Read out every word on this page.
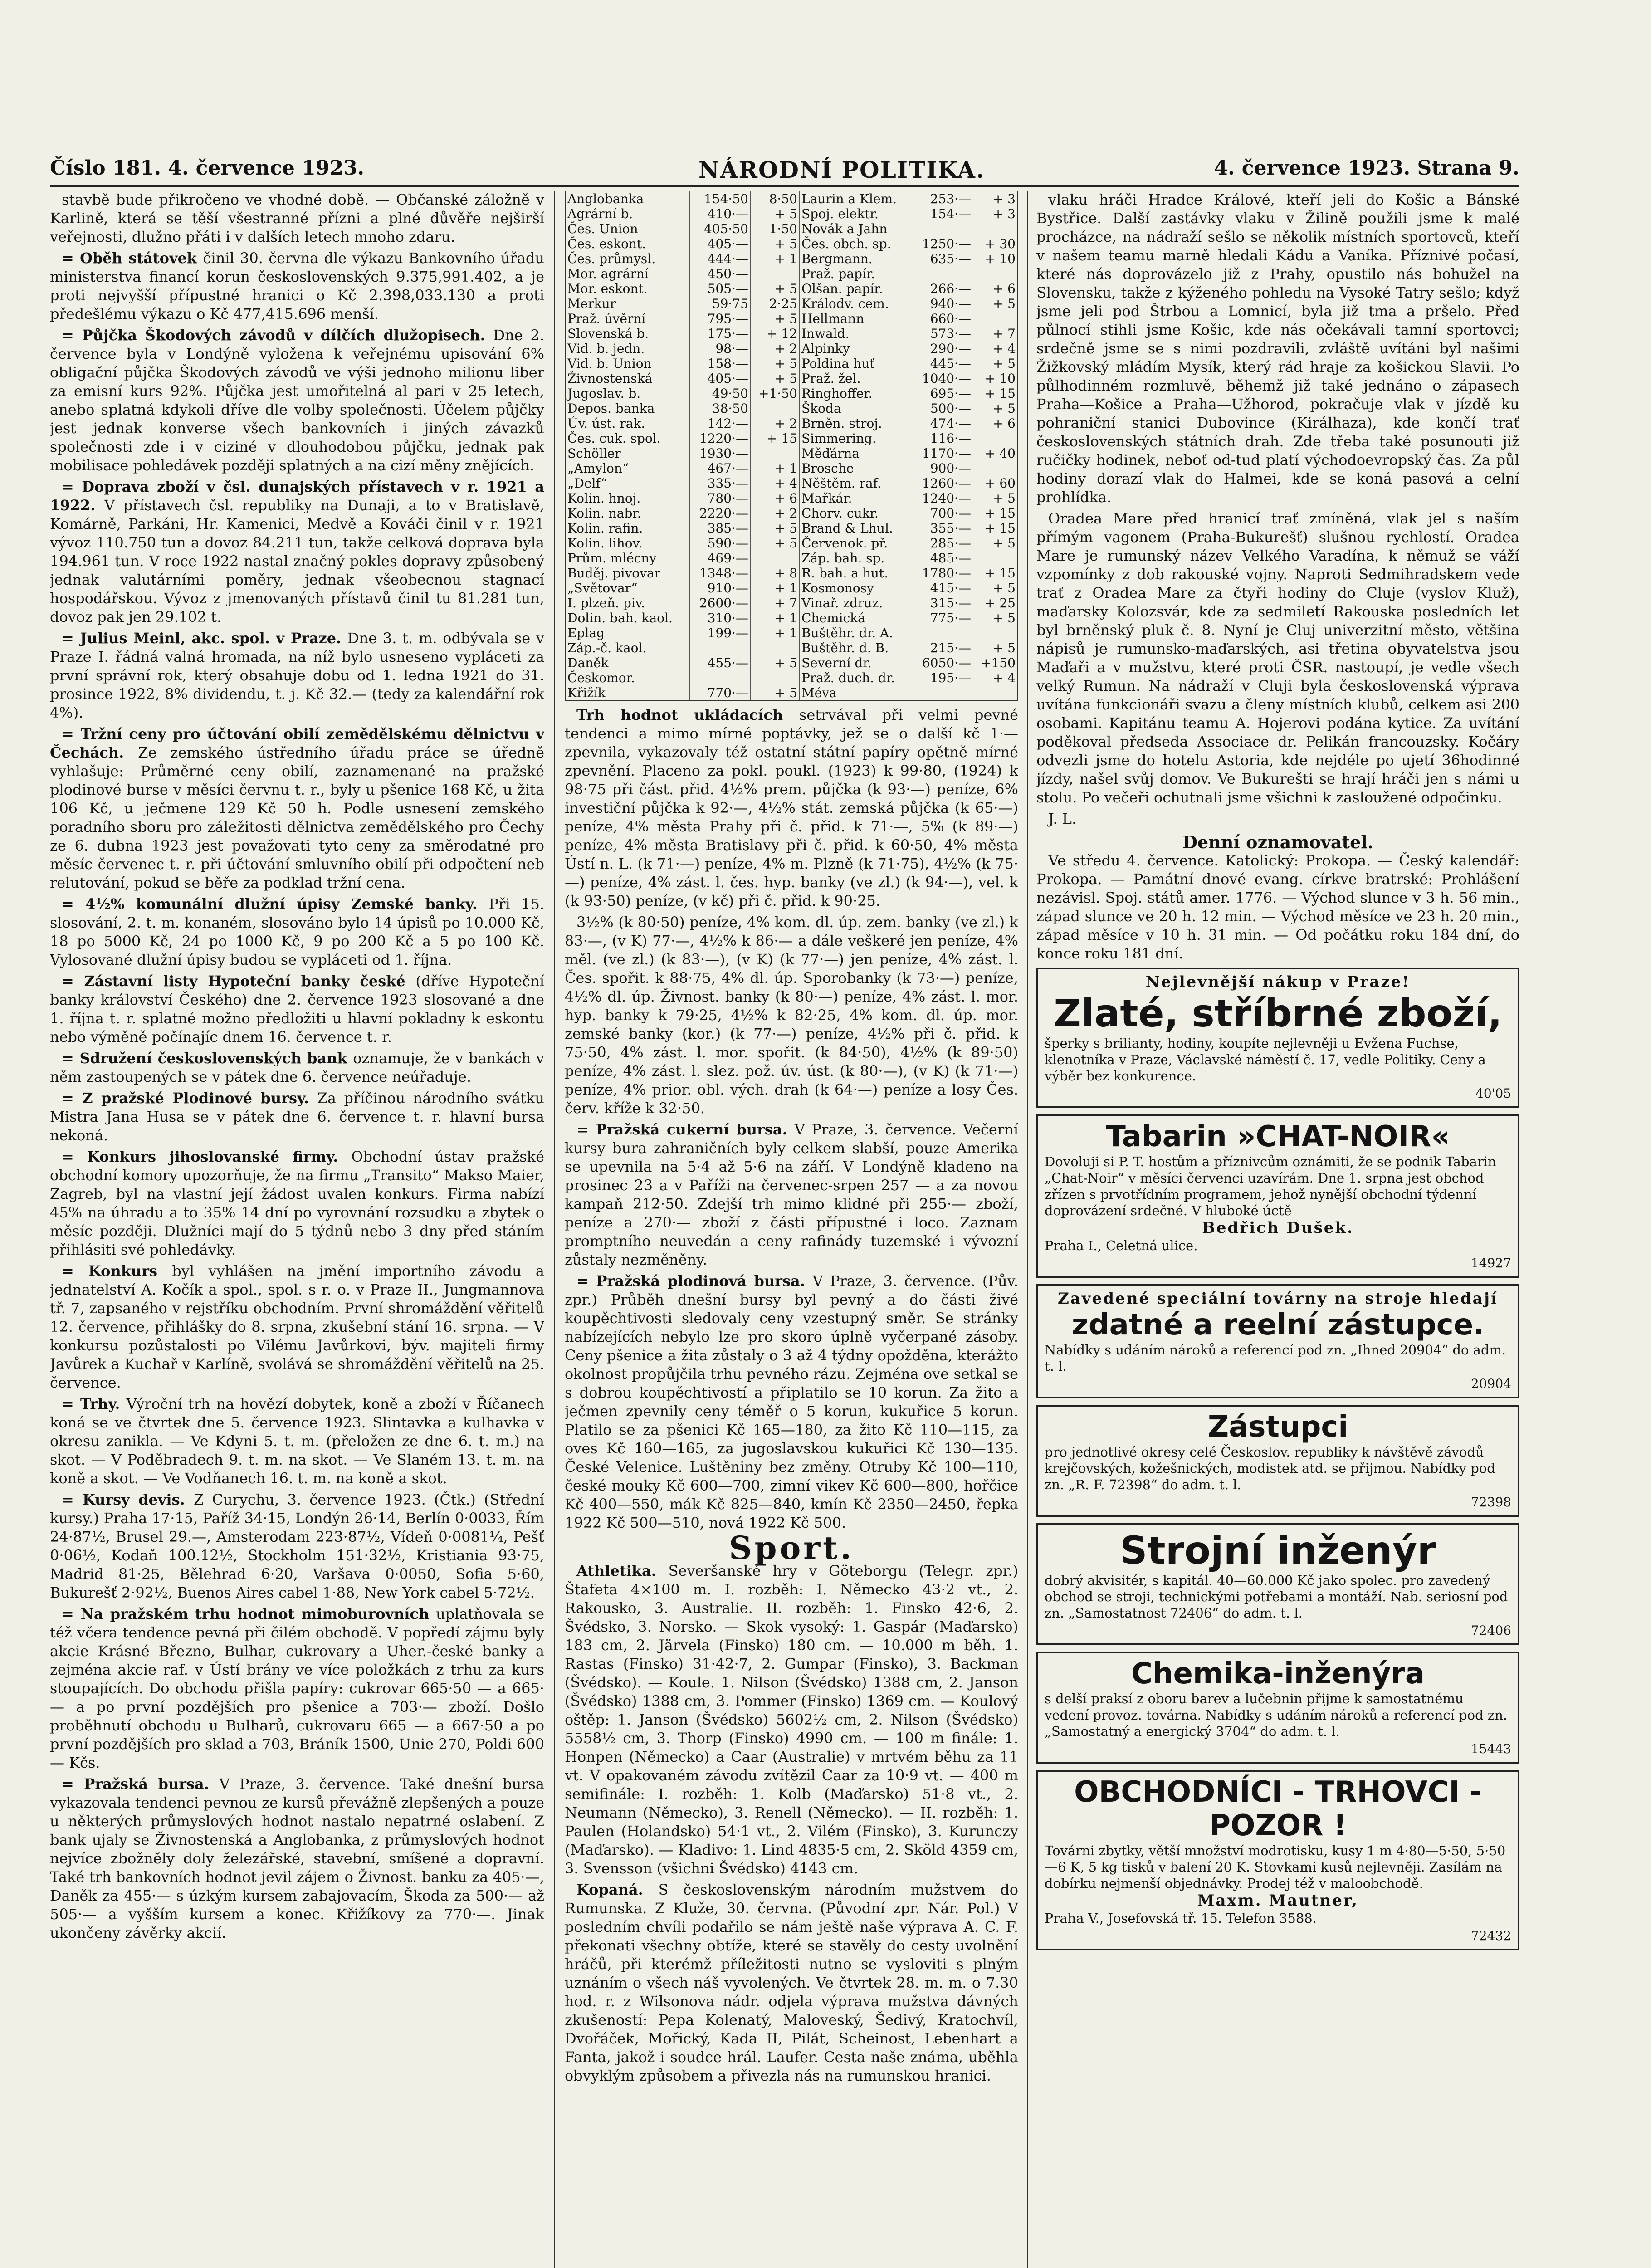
Číslo 181. 4. července 1923.	NÁRODNÍ POLITIKA.	4. července 1923. Strana 9.

stavbě bude přikročeno ve vhodné době. — Občanské záložně v Karlině, která se těší všestranné přízni a plné důvěře nejširší veřejnosti, dlužno přáti i v dalších letech mnoho zdaru.

= Oběh státovek činil 30. června dle výkazu Bankovního úřadu ministerstva financí korun československých 9.375,991.402, a je proti nejvyšší přípustné hranici o Kč 2.398,033.130 a proti předešlému výkazu o Kč 477,415.696 menší.

= Půjčka Škodových závodů v dílčích dlužopisech. Dne 2. července byla v Londýně vyložena k veřejnému upisování 6% obligační půjčka Škodových závodů ve výši jednoho milionu liber za emisní kurs 92%. Půjčka jest umořitelná al pari v 25 letech, anebo splatná kdykoli dříve dle volby společnosti. Účelem půjčky jest jednak konverse všech bankovních i jiných závazků společnosti zde i v ciziné v dlouhodobou půjčku, jednak pak mobilisace pohledávek později splatných a na cizí měny znějících.

= Doprava zboží v čsl. dunajských přístavech v r. 1921 a 1922. V přístavech čsl. republiky na Dunaji, a to v Bratislavě, Komárně, Parkáni, Hr. Kamenici, Medvě a Kováči činil v r. 1921 vývoz 110.750 tun a dovoz 84.211 tun, takže celková doprava byla 194.961 tun. V roce 1922 nastal značný pokles dopravy způsobený jednak valutárními poměry, jednak všeobecnou stagnací hospodářskou. Vývoz z jmenovaných přístavů činil tu 81.281 tun, dovoz pak jen 29.102 t.

= Julius Meinl, akc. spol. v Praze. Dne 3. t. m. odbývala se v Praze I. řádná valná hromada, na níž bylo usneseno vypláceti za první správní rok, který obsahuje dobu od 1. ledna 1921 do 31. prosince 1922, 8% dividendu, t. j. Kč 32.— (tedy za kalendářní rok 4%).

= Tržní ceny pro účtování obilí zemědělskému dělnictvu v Čechách. Ze zemského ústředního úřadu práce se úředně vyhlašuje: Průměrné ceny obilí, zaznamenané na pražské plodinové burse v měsíci červnu t. r., byly u pšenice 168 Kč, u žita 106 Kč, u ječmene 129 Kč 50 h. Podle usnesení zemského poradního sboru pro záležitosti dělnictva zemědělského pro Čechy ze 6. dubna 1923 jest považovati tyto ceny za směrodatné pro měsíc červenec t. r. při účtování smluvního obilí při odpočtení neb relutování, pokud se běře za podklad tržní cena.

= 4½% komunální dlužní úpisy Zemské banky. Při 15. slosování, 2. t. m. konaném, slosováno bylo 14 úpisů po 10.000 Kč, 18 po 5000 Kč, 24 po 1000 Kč, 9 po 200 Kč a 5 po 100 Kč. Vylosované dlužní úpisy budou se vypláceti od 1. října.

= Zástavní listy Hypoteční banky české (dříve Hypoteční banky království Českého) dne 2. července 1923 slosované a dne 1. října t. r. splatné možno předložiti u hlavní pokladny k eskontu nebo výměně počínajíc dnem 16. července t. r.

= Sdružení československých bank oznamuje, že v bankách v něm zastoupených se v pátek dne 6. července neúřaduje.

= Z pražské Plodinové bursy. Za příčinou národního svátku Mistra Jana Husa se v pátek dne 6. července t. r. hlavní bursa nekoná.

= Konkurs jihoslovanské firmy. Obchodní ústav pražské obchodní komory upozorňuje, že na firmu „Transito“ Makso Maier, Zagreb, byl na vlastní její žádost uvalen konkurs. Firma nabízí 45% na úhradu a to 35% 14 dní po vyrovnání rozsudku a zbytek o měsíc později. Dlužníci mají do 5 týdnů nebo 3 dny před stáním přihlásiti své pohledávky.

= Konkurs byl vyhlášen na jmění importního závodu a jednatelství A. Kočík a spol., spol. s r. o. v Praze II., Jungmannova tř. 7, zapsaného v rejstříku obchodním. První shromáždění věřitelů 12. července, přihlášky do 8. srpna, zkušební stání 16. srpna. — V konkursu pozůstalosti po Vilému Javůrkovi, býv. majiteli firmy Javůrek a Kuchař v Karlíně, svolává se shromáždění věřitelů na 25. července.

= Trhy. Výroční trh na hovězí dobytek, koně a zboží v Říčanech koná se ve čtvrtek dne 5. července 1923. Slintavka a kulhavka v okresu zanikla. — Ve Kdyni 5. t. m. (přeložen ze dne 6. t. m.) na skot. — V Poděbradech 9. t. m. na skot. — Ve Slaném 13. t. m. na koně a skot. — Ve Vodňanech 16. t. m. na koně a skot.

= Kursy devis. Z Curychu, 3. července 1923. (Čtk.) (Střední kursy.) Praha 17·15, Paříž 34·15, Londýn 26·14, Berlín 0·0033, Řím 24·87½, Brusel 29.—, Amsterodam 223·87½, Vídeň 0·0081¼, Pešť 0·06½, Kodaň 100.12½, Stockholm 151·32½, Kristiania 93·75, Madrid 81·25, Bělehrad 6·20, Varšava 0·0050, Sofia 5·60, Bukurešť 2·92½, Buenos Aires cabel 1·88, New York cabel 5·72½.

= Na pražském trhu hodnot mimoburovních uplatňovala se též včera tendence pevná při čilém obchodě. V popředí zájmu byly akcie Krásné Březno, Bulhar, cukrovary a Uher.-české banky a zejména akcie raf. v Ústí brány ve více položkách z trhu za kurs stoupajících. Do obchodu přišla papíry: cukrovar 665·50 — a 665·— a po první pozdějších pro pšenice a 703·— zboží. Došlo proběhnutí obchodu u Bulharů, cukrovaru 665 — a 667·50 a po první pozdějších pro sklad a 703, Bráník 1500, Unie 270, Poldi 600 — Kčs.

= Pražská bursa. V Praze, 3. července. Také dnešní bursa vykazovala tendenci pevnou ze kursů převážně zlepšených a pouze u některých průmyslových hodnot nastalo nepatrné oslabení. Z bank ujaly se Živnostenská a Anglobanka, z průmyslových hodnot nejvíce zbožněly doly železářské, stavební, smíšené a dopravní. Také trh bankovních hodnot jevil zájem o Živnost. banku za 405·—, Daněk za 455·— s úzkým kursem zabajovacím, Škoda za 500·— až 505·— a vyšším kursem a konec. Křižíkovy za 770·—. Jinak ukončeny závěrky akcií.

Anglobanka	154·50	8·50	Laurin a Klem.	253·—	+ 3
Agrární b.	410·—	+ 5	Spoj. elektr.	154·—	+ 3
Čes. Union	405·50	1·50	Novák a Jahn		
Čes. eskont.	405·—	+ 5	Čes. obch. sp.	1250·—	+ 30
Čes. průmysl.	444·—	+ 1	Bergmann.	635·—	+ 10
Mor. agrární	450·—		Praž. papír.		
Mor. eskont.	505·—	+ 5	Olšan. papír.	266·—	+ 6
Merkur	59·75	2·25	Králodv. cem.	940·—	+ 5
Praž. úvěrní	795·—	+ 5	Hellmann	660·—	
Slovenská b.	175·—	+ 12	Inwald.	573·—	+ 7
Vid. b. jedn.	98·—	+ 2	Alpinky	290·—	+ 4
Vid. b. Union	158·—	+ 5	Poldina huť	445·—	+ 5
Živnostenská	405·—	+ 5	Praž. žel.	1040·—	+ 10
Jugoslav. b.	49·50	+1·50	Ringhoffer.	695·—	+ 15
Depos. banka	38·50		Škoda	500·—	+ 5
Úv. úst. rak.	142·—	+ 2	Brněn. stroj.	474·—	+ 6
Čes. cuk. spol.	1220·—	+ 15	Simmering.	116·—	
Schöller	1930·—		Měďárna	1170·—	+ 40
„Amylon“	467·—	+ 1	Brosche	900·—	
„Delf“	335·—	+ 4	Něštěm. raf.	1260·—	+ 60
Kolin. hnoj.	780·—	+ 6	Mařkár.	1240·—	+ 5
Kolin. nabr.	2220·—	+ 2	Chorv. cukr.	700·—	+ 15
Kolin. rafin.	385·—	+ 5	Brand & Lhul.	355·—	+ 15
Kolin. lihov.	590·—	+ 5	Červenok. př.	285·—	+ 5
Prům. mlécny	469·—		Záp. bah. sp.	485·—	
Buděj. pivovar	1348·—	+ 8	R. bah. a hut.	1780·—	+ 15
„Světovar“	910·—	+ 1	Kosmonosy	415·—	+ 5
I. plzeň. piv.	2600·—	+ 7	Vinař. zdruz.	315·—	+ 25
Dolin. bah. kaol.	310·—	+ 1	Chemická	775·—	+ 5
Eplag	199·—	+ 1	Buštěhr. dr. A.		
Záp.-č. kaol.			Buštěhr. d. B.	215·—	+ 5
Daněk	455·—	+ 5	Severní dr.	6050·—	+150
Českomor.			Praž. duch. dr.	195·—	+ 4
Křižík	770·—	+ 5	Méva		

Trh hodnot ukládacích setrvával při velmi pevné tendenci a mimo mírné poptávky, jež se o další kč 1·— zpevnila, vykazovaly též ostatní státní papíry opětně mírné zpevnění. Placeno za pokl. poukl. (1923) k 99·80, (1924) k 98·75 při část. přid. 4½% prem. půjčka (k 93·—) peníze, 6% investiční půjčka k 92·—, 4½% stát. zemská půjčka (k 65·—) peníze, 4% města Prahy při č. přid. k 71·—, 5% (k 89·—) peníze, 4% města Bratislavy při č. přid. k 60·50, 4% města Ústí n. L. (k 71·—) peníze, 4% m. Plzně (k 71·75), 4½% (k 75·—) peníze, 4% zást. l. čes. hyp. banky (ve zl.) (k 94·—), vel. k (k 93·50) peníze, (v kč) při č. přid. k 90·25.

3½% (k 80·50) peníze, 4% kom. dl. úp. zem. banky (ve zl.) k 83·—, (v K) 77·—, 4½% k 86·— a dále veškeré jen peníze, 4% měl. (ve zl.) (k 83·—), (v K) (k 77·—) jen peníze, 4% zást. l. Čes. spořit. k 88·75, 4% dl. úp. Sporobanky (k 73·—) peníze, 4½% dl. úp. Živnost. banky (k 80·—) peníze, 4% zást. l. mor. hyp. banky k 79·25, 4½% k 82·25, 4% kom. dl. úp. mor. zemské banky (kor.) (k 77·—) peníze, 4½% při č. přid. k 75·50, 4% zást. l. mor. spořit. (k 84·50), 4½% (k 89·50) peníze, 4% zást. l. slez. pož. úv. úst. (k 80·—), (v K) (k 71·—) peníze, 4% prior. obl. vých. drah (k 64·—) peníze a losy Čes. červ. kříže k 32·50.

= Pražská cukerní bursa. V Praze, 3. července. Večerní kursy bura zahraničních byly celkem slabší, pouze Amerika se upevnila na 5·4 až 5·6 na září. V Londýně kladeno na prosinec 23 a v Paříži na červenec-srpen 257 — a za novou kampaň 212·50. Zdejší trh mimo klidné při 255·— zboží, peníze a 270·— zboží z části přípustné i loco. Zaznam promptního neuvedán a ceny rafinády tuzemské i vývozní zůstaly nezměněny.

= Pražská plodinová bursa. V Praze, 3. července. (Pův. zpr.) Průběh dnešní bursy byl pevný a do části živé koupěchtivosti sledovaly ceny vzestupný směr. Se stránky nabízejících nebylo lze pro skoro úplně vyčerpané zásoby. Ceny pšenice a žita zůstaly o 3 až 4 týdny opožděna, kterážto okolnost propůjčila trhu pevného rázu. Zejména ove setkal se s dobrou koupěchtivostí a připlatilo se 10 korun. Za žito a ječmen zpevnily ceny téměř o 5 korun, kukuřice 5 korun. Platilo se za pšenici Kč 165—180, za žito Kč 110—115, za oves Kč 160—165, za jugoslavskou kukuřici Kč 130—135. České Velenice. Luštěniny bez změny. Otruby Kč 100—110, české mouky Kč 600—700, zimní vikev Kč 600—800, hořčice Kč 400—550, mák Kč 825—840, kmín Kč 2350—2450, řepka 1922 Kč 500—510, nová 1922 Kč 500.

Sport.

Athletika. Severšanské hry v Göteborgu (Telegr. zpr.) Štafeta 4×100 m. I. rozběh: I. Německo 43·2 vt., 2. Rakousko, 3. Australie. II. rozběh: 1. Finsko 42·6, 2. Švédsko, 3. Norsko. — Skok vysoký: 1. Gaspár (Maďarsko) 183 cm, 2. Järvela (Finsko) 180 cm. — 10.000 m běh. 1. Rastas (Finsko) 31·42·7, 2. Gumpar (Finsko), 3. Backman (Švédsko). — Koule. 1. Nilson (Švédsko) 1388 cm, 2. Janson (Švédsko) 1388 cm, 3. Pommer (Finsko) 1369 cm. — Koulový oštěp: 1. Janson (Švédsko) 5602½ cm, 2. Nilson (Švédsko) 5558½ cm, 3. Thorp (Finsko) 4990 cm. — 100 m finále: 1. Honpen (Německo) a Caar (Australie) v mrtvém běhu za 11 vt. V opakovaném závodu zvítězil Caar za 10·9 vt. — 400 m semifinále: I. rozběh: 1. Kolb (Maďarsko) 51·8 vt., 2. Neumann (Německo), 3. Renell (Německo). — II. rozběh: 1. Paulen (Holandsko) 54·1 vt., 2. Vilém (Finsko), 3. Kurunczy (Maďarsko). — Kladivo: 1. Lind 4835·5 cm, 2. Sköld 4359 cm, 3. Svensson (všichni Švédsko) 4143 cm.

Kopaná. S československým národním mužstvem do Rumunska. Z Kluže, 30. června. (Původní zpr. Nár. Pol.) V posledním chvíli podařilo se nám ještě naše výprava A. C. F. překonati všechny obtíže, které se stavěly do cesty uvolnění hráčů, při kterémž příležitosti nutno se vysloviti s plným uznáním o všech náš vyvolených. Ve čtvrtek 28. m. m. o 7.30 hod. r. z Wilsonova nádr. odjela výprava mužstva dávných zkušeností: Pepa Kolenatý, Maloveský, Šedivý, Kratochvíl, Dvořáček, Mořický, Kada II, Pilát, Scheinost, Lebenhart a Fanta, jakož i soudce hrál. Laufer. Cesta naše známa, uběhla obvyklým způsobem a přivezla nás na rumunskou hranici.

vlaku hráči Hradce Králové, kteří jeli do Košic a Bánské Bystřice. Další zastávky vlaku v Žilině použili jsme k malé procházce, na nádraží sešlo se několik místních sportovců, kteří v našem teamu marně hledali Kádu a Vaníka. Příznivé počasí, které nás doprovázelo již z Prahy, opustilo nás bohužel na Slovensku, takže z kýženého pohledu na Vysoké Tatry sešlo; když jsme jeli pod Štrbou a Lomnicí, byla již tma a pršelo. Před půlnocí stihli jsme Košic, kde nás očekávali tamní sportovci; srdečně jsme se s nimi pozdravili, zvláště uvítáni byl našimi Žižkovský mládím Mysík, který rád hraje za košickou Slavii. Po půlhodinném rozmluvě, běhemž již také jednáno o zápasech Praha—Košice a Praha—Užhorod, pokračuje vlak v jízdě ku pohraniční stanici Dubovince (Királhaza), kde končí trať československých státních drah. Zde třeba také posunouti již ručičky hodinek, neboť od-tud platí východoevropský čas. Za půl hodiny dorazí vlak do Halmei, kde se koná pasová a celní prohlídka.

Oradea Mare před hranicí trať zmíněná, vlak jel s naším přímým vagonem (Praha-Bukurešť) slušnou rychlostí. Oradea Mare je rumunský název Velkého Varadína, k němuž se váží vzpomínky z dob rakouské vojny. Naproti Sedmihradskem vede trať z Oradea Mare za čtyři hodiny do Cluje (vyslov Kluž), maďarsky Kolozsvár, kde za sedmiletí Rakouska posledních let byl brněnský pluk č. 8. Nyní je Cluj univerzitní město, většina nápisů je rumunsko-maďarských, asi třetina obyvatelstva jsou Maďaři a v mužstvu, které proti ČSR. nastoupí, je vedle všech velký Rumun. Na nádraží v Cluji byla československá výprava uvítána funkcionáři svazu a členy místních klubů, celkem asi 200 osobami. Kapitánu teamu A. Hojerovi podána kytice. Za uvítání poděkoval předseda Associace dr. Pelikán francouzsky. Kočáry odvezli jsme do hotelu Astoria, kde nejdéle po ujetí 36hodinné jízdy, našel svůj domov. Ve Bukurešti se hrají hráči jen s námi u stolu. Po večeři ochutnali jsme všichni k zasloužené odpočinku.

J. L.

Denní oznamovatel.

Ve středu 4. července. Katolický: Prokopa. — Český kalendář: Prokopa. — Památní dnové evang. církve bratrské: Prohlášení nezávisl. Spoj. států amer. 1776. — Východ slunce v 3 h. 56 min., západ slunce ve 20 h. 12 min. — Východ měsíce ve 23 h. 20 min., západ měsíce v 10 h. 31 min. — Od počátku roku 184 dní, do konce roku 181 dní.

Nejlevnější nákup v Praze!
Zlaté, stříbrné zboží,
šperky s brilianty, hodiny, koupíte nejlevněji u Evžena Fuchse, klenotníka v Praze, Václavské náměstí č. 17, vedle Politiky. Ceny a výběr bez konkurence.
40'05
Tabarin »CHAT-NOIR«
Dovoluji si P. T. hostům a příznivcům oznámiti, že se podnik Tabarin „Chat-Noir“ v měsíci červenci uzavírám. Dne 1. srpna jest obchod zřízen s prvotřídním programem, jehož nynější obchodní týdenní doprovázení srdečné. V hluboké úctě
Bedřich Dušek.
Praha I., Celetná ulice.
14927
Zavedené speciální továrny na stroje hledají
zdatné a reelní zástupce.
Nabídky s udáním nároků a referencí pod zn. „Ihned 20904“ do adm. t. l.
20904
Zástupci
pro jednotlivé okresy celé Českoslov. republiky k návštěvě závodů krejčovských, kožešnických, modistek atd. se přijmou. Nabídky pod zn. „R. F. 72398“ do adm. t. l.
72398
Strojní inženýr
dobrý akvisitér, s kapitál. 40—60.000 Kč jako spolec. pro zavedený obchod se stroji, technickými potřebami a montáží. Nab. seriosní pod zn. „Samostatnost 72406“ do adm. t. l.
72406
Chemika-inženýra
s delší praksí z oboru barev a lučebnin přijme k samostatnému vedení provoz. továrna. Nabídky s udáním nároků a referencí pod zn. „Samostatný a energický 3704“ do adm. t. l.
15443
OBCHODNÍCI - TRHOVCI - POZOR !
Továrni zbytky, větší množství modrotisku, kusy 1 m 4·80—5·50, 5·50—6 K, 5 kg tisků v balení 20 K. Stovkami kusů nejlevněji. Zasílám na dobírku nejmenší objednávky. Prodej též v maloobchodě.
Maxm. Mautner,
Praha V., Josefovská tř. 15. Telefon 3588.
72432
